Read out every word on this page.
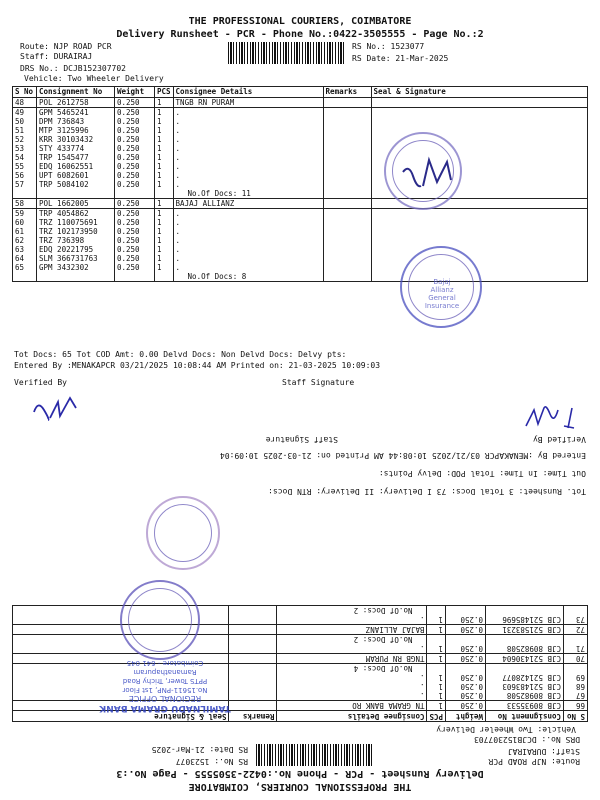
THE PROFESSIONAL COURIERS, COIMBATORE
Delivery Runsheet - PCR - Phone No.:0422-3505555 - Page No.:2
Route: NJP ROAD PCR
Staff: DURAIRAJ
DRS No.: DCJB152307702
Vehicle: Two Wheeler Delivery
RS No.: 1523077
RS Date: 21-Mar-2025
S No	Consignment No	Weight	PCS	Consignee Details	Remarks	Seal & Signature
48	POL 2612758	0.250	1	TNGB RN PURAM		
49	GPM 5465241	0.250	1	.		
50	DPM 736843	0.250	1	.		
51	MTP 3125996	0.250	1	.		
52	KRR 30103432	0.250	1	.		
53	STY 433774	0.250	1	.		
54	TRP 1545477	0.250	1	.		
55	EDQ 16062551	0.250	1	.		
56	UPT 6082601	0.250	1	.		
57	TRP 5084102	0.250	1	.		
				No.Of Docs: 11		
58	POL 1662005	0.250	1	BAJAJ ALLIANZ		
59	TRP 4054862	0.250	1	.		
60	TRZ 110075691	0.250	1	.		
61	TRZ 102173950	0.250	1	.		
62	TRZ 736398	0.250	1	.		
63	EDQ 20221795	0.250	1	.		
64	SLM 366731763	0.250	1	.		
65	GPM 3432302	0.250	1	.		
				No.Of Docs: 8		
Bajaj Allianz General Insurance
Tot Docs: 65 Tot COD Amt: 0.00 Delvd Docs: Non Delvd Docs: Delvy pts:
Entered By :MENAKAPCR 03/21/2025 10:08:44 AM Printed on: 21-03-2025 10:09:03
Verified By	Staff Signature
THE PROFESSIONAL COURIERS, COIMBATORE
Delivery Runsheet - PCR - Phone No.:0422-3505555 - Page No.:3
Route: NJP ROAD PCR
Staff: DURAIRAJ
DRS No.: DCJB152307703
Vehicle: Two Wheeler Delivery
RS No.: 1523077
RS Date: 21-Mar-2025
S No	Consignment No	Weight	PCS	Consignee Details	Remarks	Seal & Signature
66	CJB 80935533	0.250	1	TN GRAMA BANK RO		
67	CJB 80982508	0.250	1	.		
68	CJB 521483603	0.250	1	.		
69	CJB 521428077	0.250	1	.		
				No.Of Docs: 4		
70	CJB 521430604	0.250	1	TNGB RN PURAM		
71	CJB 80982508	0.250	1	.		
				No.Of Docs: 2		
72	CJB 521583231	0.250	1	BAJAJ ALLIANZ		
73	CJB 521485696	0.250	1	.		
				No.Of Docs: 2		
TAMILNADU GRAMA BANK
REGIONAL OFFICE
No.15611-PNP, 1st Floor
PPTS Tower, Trichy Road
Ramanathapuram
Coimbatore - 641 045
Tot. Runsheet: 3 Total Docs: 73 I Delivery: II Delivery: RTN Docs:
Out Time: In Time: Total POD: Delvy Points:
Entered By :MENAKAPCR 03/21/2025 10:08:44 AM Printed on: 21-03-2025 10:09:04
Verified By
Staff Signature
